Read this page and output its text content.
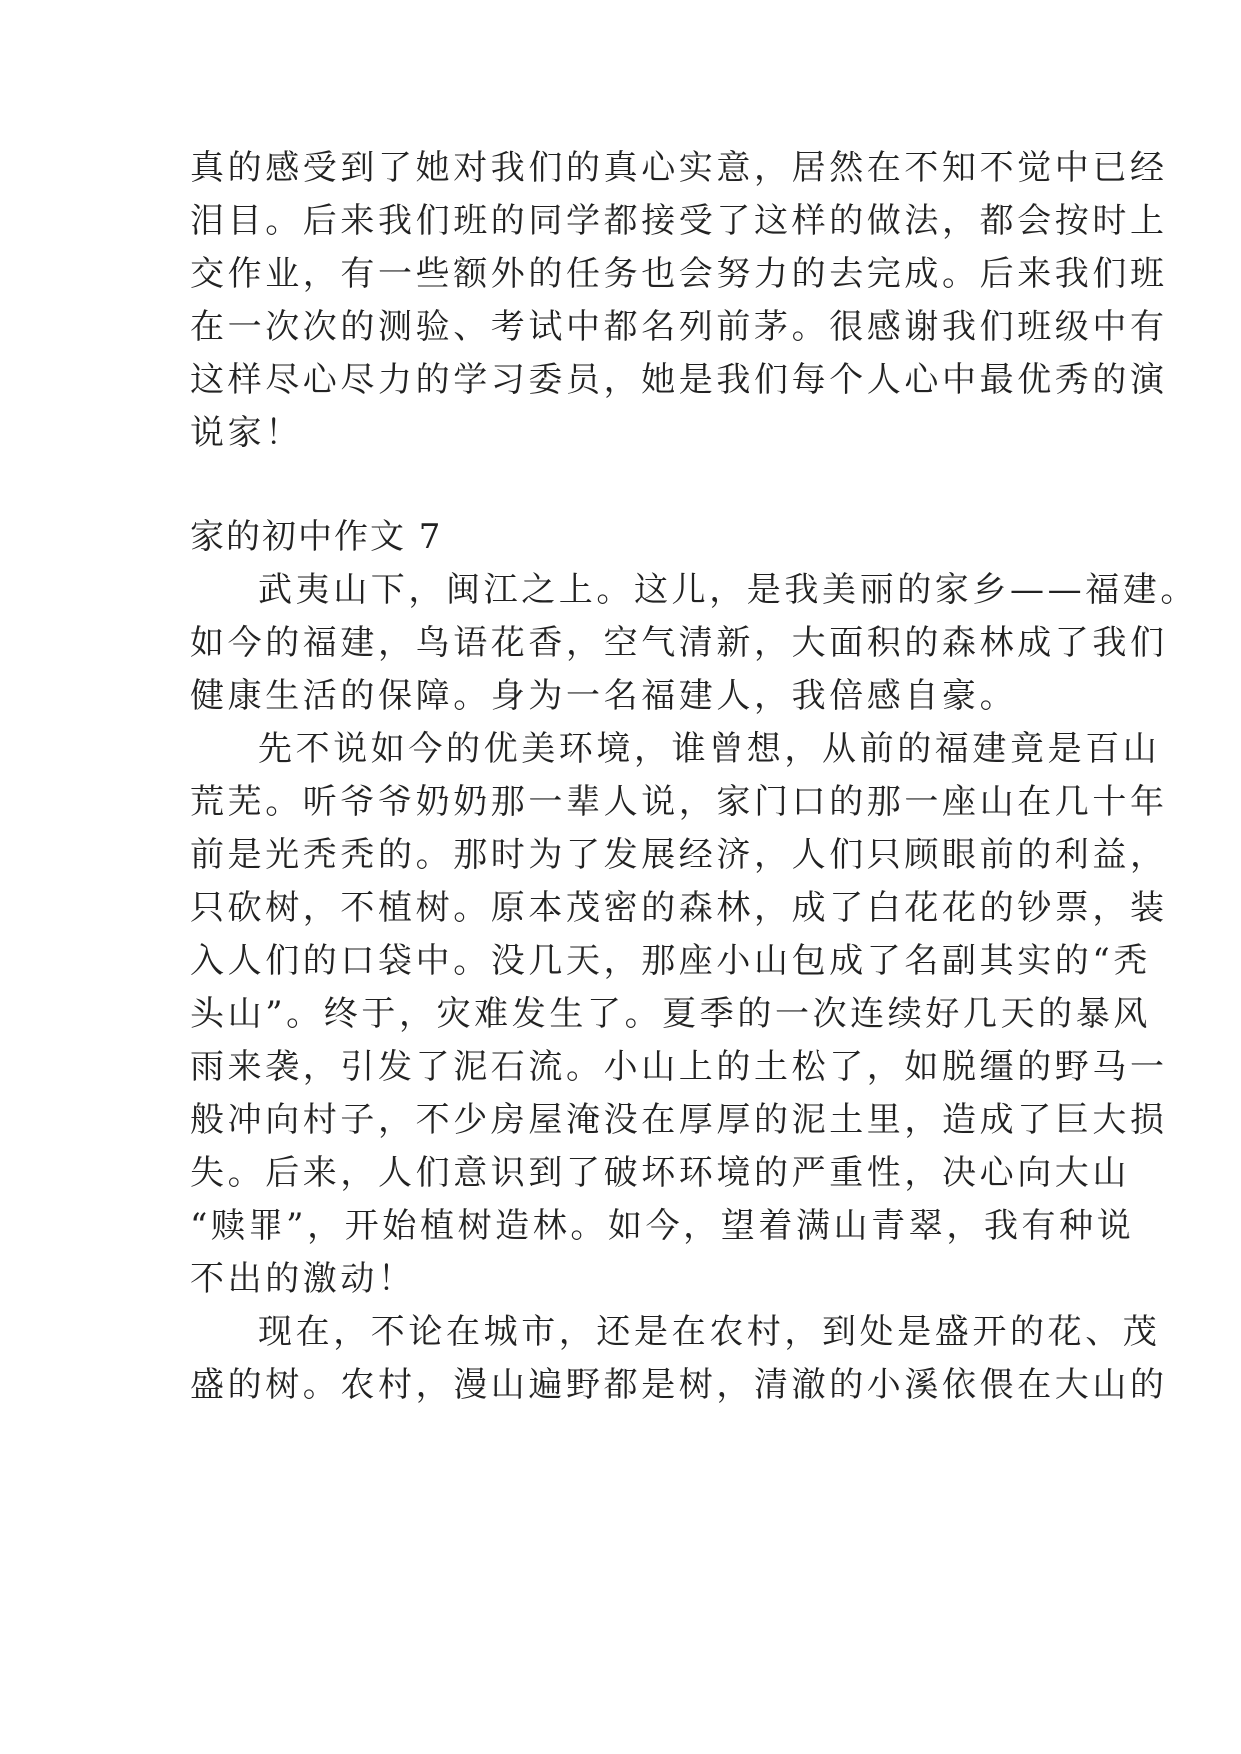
真的感受到了她对我们的真心实意，居然在不知不觉中已经
泪目。后来我们班的同学都接受了这样的做法，都会按时上
交作业，有一些额外的任务也会努力的去完成。后来我们班
在一次次的测验、考试中都名列前茅。很感谢我们班级中有
这样尽心尽力的学习委员，她是我们每个人心中最优秀的演
说家！
家的初中作文 7
武夷山下，闽江之上。这儿，是我美丽的家乡——福建。
如今的福建，鸟语花香，空气清新，大面积的森林成了我们
健康生活的保障。身为一名福建人，我倍感自豪。
先不说如今的优美环境，谁曾想，从前的福建竟是百山
荒芜。听爷爷奶奶那一辈人说，家门口的那一座山在几十年
前是光秃秃的。那时为了发展经济，人们只顾眼前的利益，
只砍树，不植树。原本茂密的森林，成了白花花的钞票，装
入人们的口袋中。没几天，那座小山包成了名副其实的“秃
头山”。终于，灾难发生了。夏季的一次连续好几天的暴风
雨来袭，引发了泥石流。小山上的土松了，如脱缰的野马一
般冲向村子，不少房屋淹没在厚厚的泥土里，造成了巨大损
失。后来，人们意识到了破坏环境的严重性，决心向大山
“赎罪”，开始植树造林。如今，望着满山青翠，我有种说
不出的激动！
现在，不论在城市，还是在农村，到处是盛开的花、茂
盛的树。农村，漫山遍野都是树，清澈的小溪依偎在大山的
